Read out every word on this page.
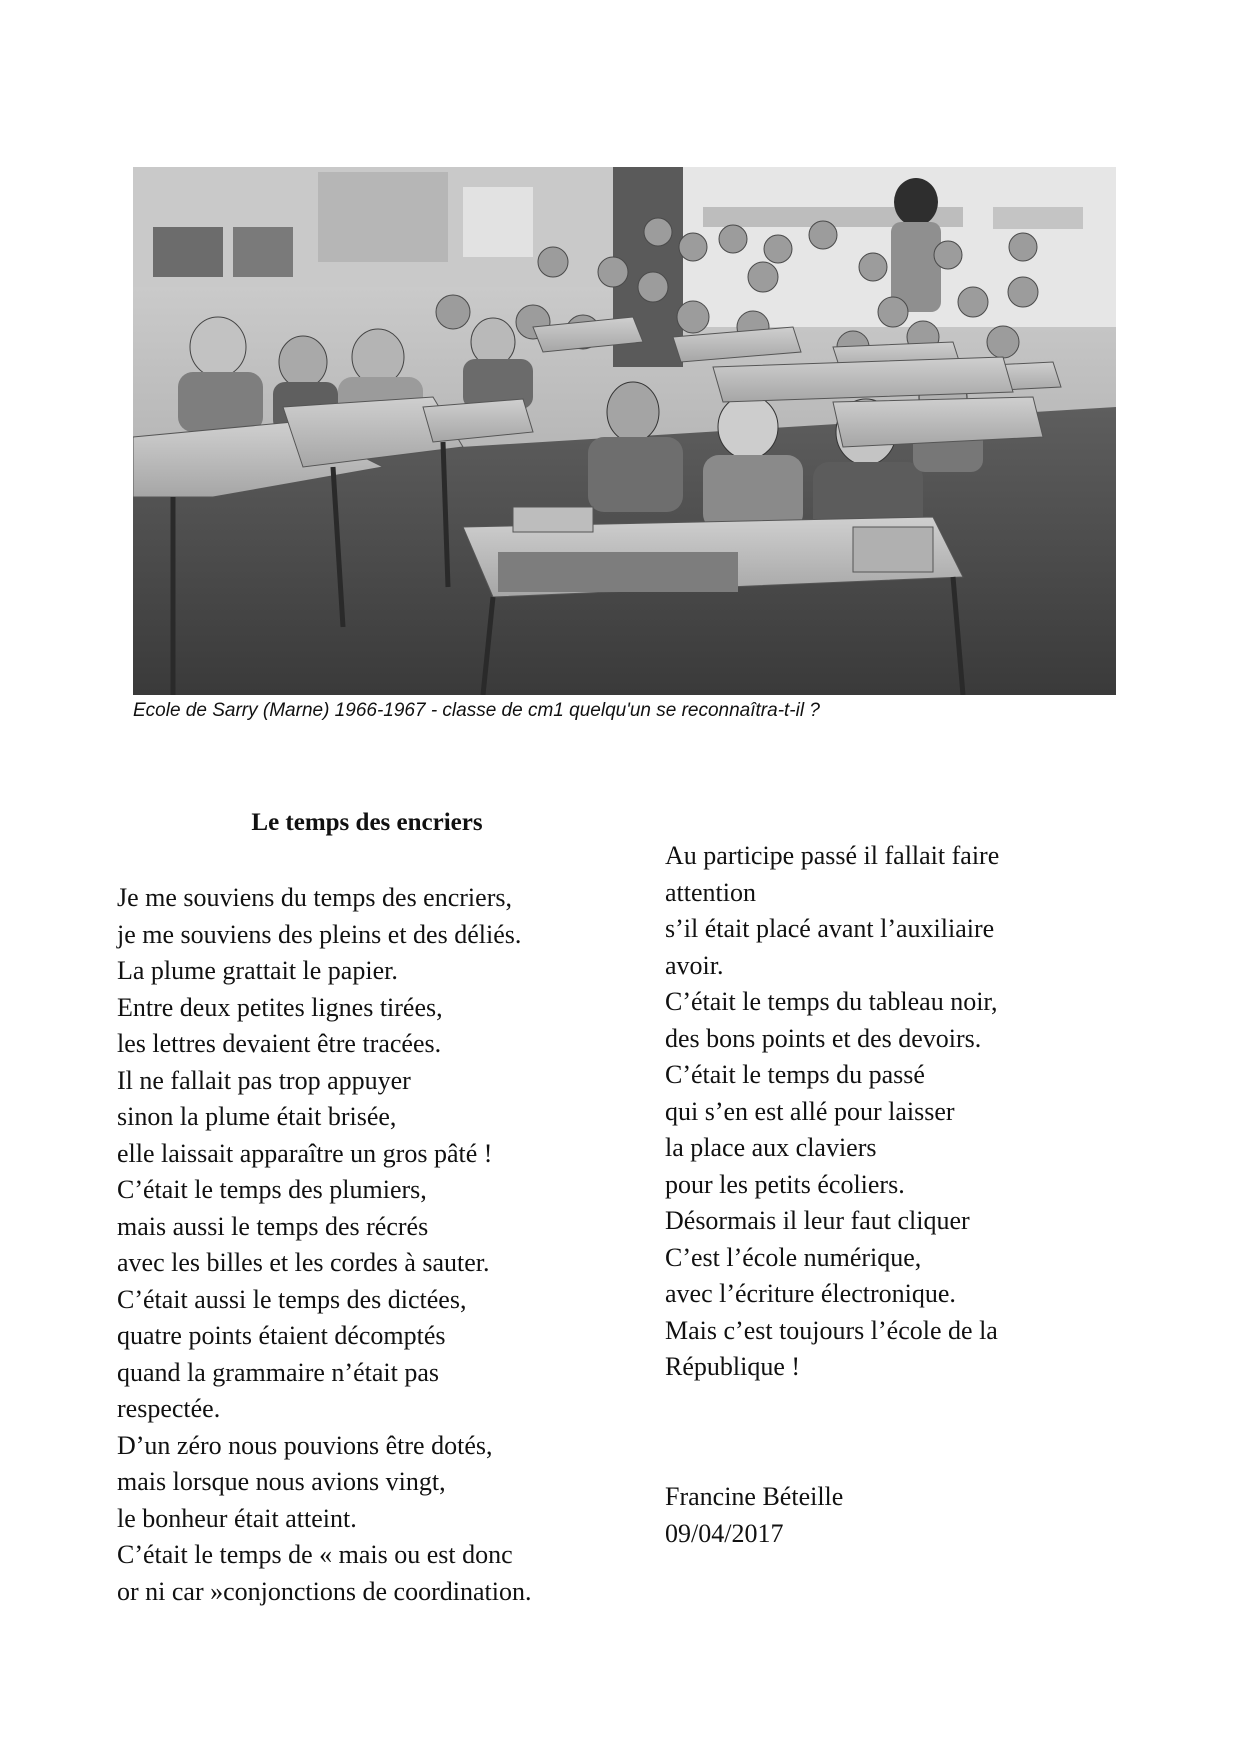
Ecole de Sarry (Marne) 1966-1967 - classe de cm1 quelqu'un se reconnaîtra-t-il ?
Le temps des encriers
Je me souviens du temps des encriers,
je me souviens des pleins et des déliés.
La plume grattait le papier.
Entre deux petites lignes tirées,
les lettres devaient être tracées.
Il ne fallait pas trop appuyer
sinon la plume était brisée,
elle laissait apparaître un gros pâté !
C’était le temps des plumiers,
mais aussi le temps des récrés
avec les billes et les cordes à sauter.
C’était aussi le temps des dictées,
quatre points étaient décomptés
quand la grammaire n’était pas
respectée.
D’un zéro nous pouvions être dotés,
mais lorsque nous avions vingt,
le bonheur était atteint.
C’était le temps de « mais ou est donc
or ni car »conjonctions de coordination.
Au participe passé il fallait faire
attention
s’il était placé avant l’auxiliaire
avoir.
C’était le temps du tableau noir,
des bons points et des devoirs.
C’était le temps du passé
qui s’en est allé pour laisser
la place aux claviers
pour les petits écoliers.
Désormais il leur faut cliquer
C’est l’école numérique,
avec l’écriture électronique.
Mais c’est toujours l’école de la
République !
Francine Béteille
09/04/2017
